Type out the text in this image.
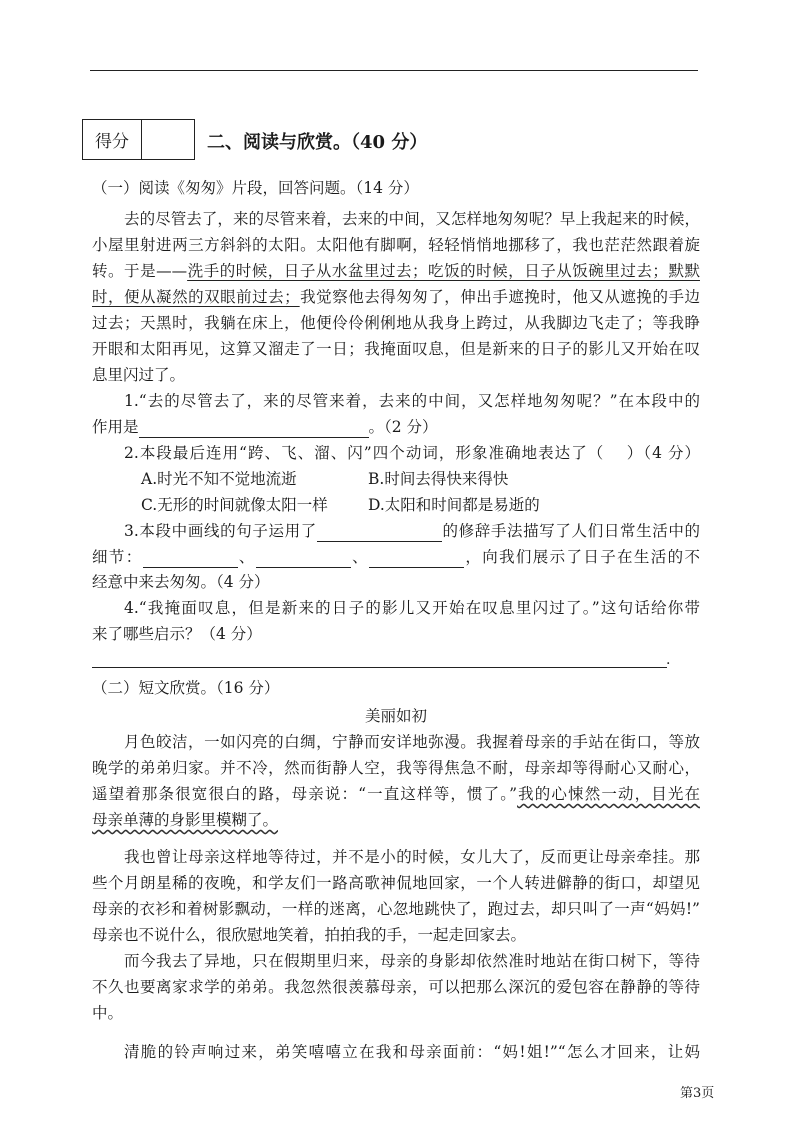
得分	二、阅读与欣赏。（40 分）
（一）阅读《匆匆》片段，回答问题。（14 分）
去的尽管去了，来的尽管来着，去来的中间，又怎样地匆匆呢？早上我起来的时候，
小屋里射进两三方斜斜的太阳。太阳他有脚啊，轻轻悄悄地挪移了，我也茫茫然跟着旋
转。于是——洗手的时候，日子从水盆里过去；吃饭的时候，日子从饭碗里过去；默默
时，便从凝然的双眼前过去；我觉察他去得匆匆了，伸出手遮挽时，他又从遮挽的手边
过去；天黑时，我躺在床上，他便伶伶俐俐地从我身上跨过，从我脚边飞走了；等我睁
开眼和太阳再见，这算又溜走了一日；我掩面叹息，但是新来的日子的影儿又开始在叹
息里闪过了。
1.“去的尽管去了，来的尽管来着，去来的中间，又怎样地匆匆呢？”在本段中的
作用是	。（2 分）
2.本段最后连用“跨、飞、溜、闪”四个动词，形象准确地表达了（　 ）（4 分）
A.时光不知不觉地流逝	B.时间去得快来得快
C.无形的时间就像太阳一样	D.太阳和时间都是易逝的
3.本段中画线的句子运用了	的修辞手法描写了人们日常生活中的
细节：	、	、	，向我们展示了日子在生活的不
经意中来去匆匆。（4 分）
4.“我掩面叹息，但是新来的日子的影儿又开始在叹息里闪过了。”这句话给你带
来了哪些启示？（4 分）
（二）短文欣赏。（16 分）
美丽如初
月色皎洁，一如闪亮的白绸，宁静而安详地弥漫。我握着母亲的手站在街口，等放
晚学的弟弟归家。并不冷，然而街静人空，我等得焦急不耐，母亲却等得耐心又耐心，
遥望着那条很宽很白的路，母亲说：“一直这样等，惯了。”我的心悚然一动，目光在
母亲单薄的身影里模糊了。
我也曾让母亲这样地等待过，并不是小的时候，女儿大了，反而更让母亲牵挂。那
些个月朗星稀的夜晚，和学友们一路高歌神侃地回家，一个人转进僻静的街口，却望见
母亲的衣衫和着树影飘动，一样的迷离，心忽地跳快了，跑过去，却只叫了一声“妈妈!”
母亲也不说什么，很欣慰地笑着，拍拍我的手，一起走回家去。
而今我去了异地，只在假期里归来，母亲的身影却依然准时地站在街口树下，等待
不久也要离家求学的弟弟。我忽然很羡慕母亲，可以把那么深沉的爱包容在静静的等待
中。
清脆的铃声响过来，弟笑嘻嘻立在我和母亲面前：“妈!姐!”“怎么才回来，让妈
.
第3页
